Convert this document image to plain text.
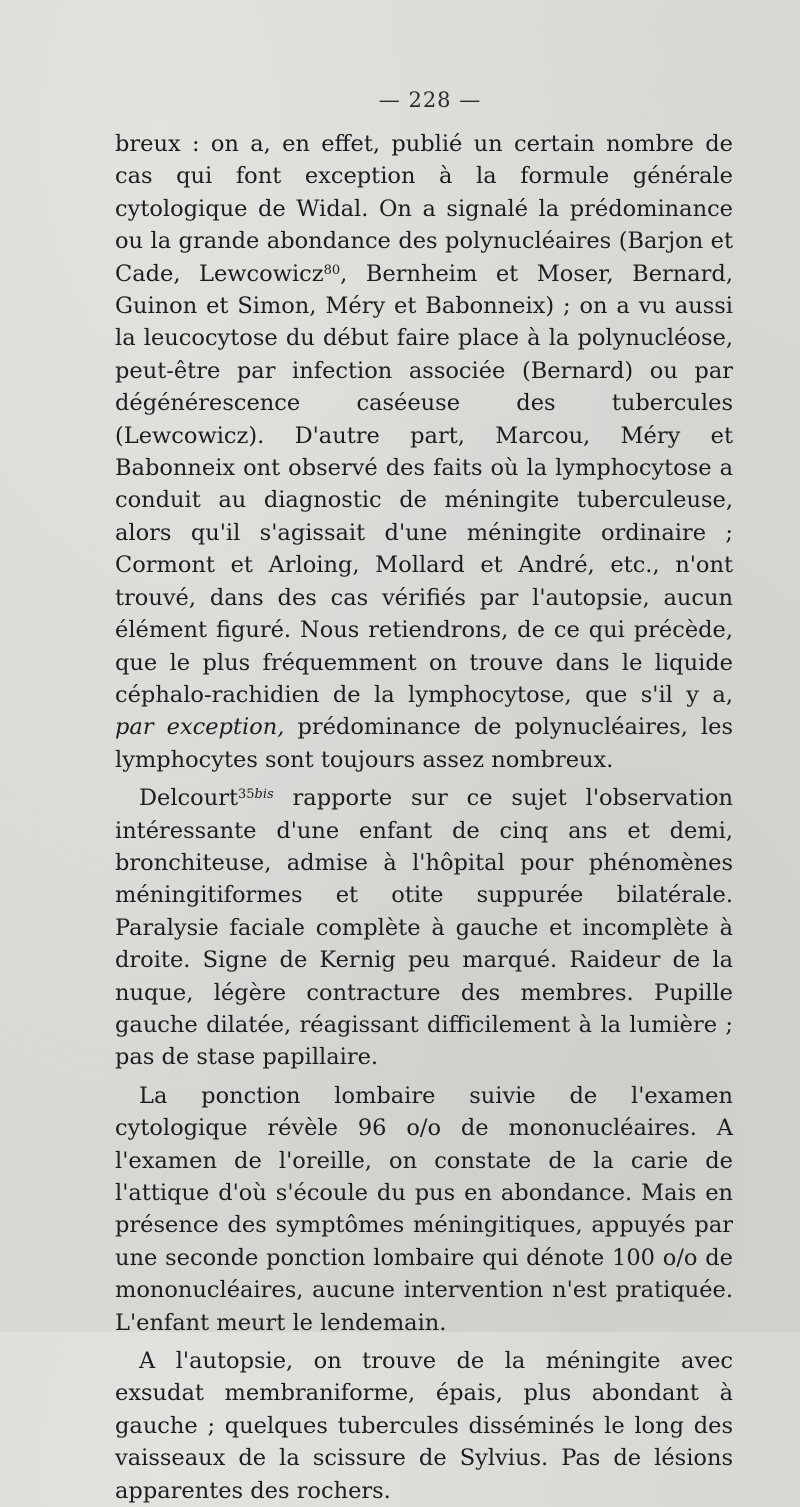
— 228 —

breux : on a, en effet, publié un certain nombre de cas qui font exception à la formule générale cytologique de Widal. On a signalé la prédominance ou la grande abondance des polynucléaires (Barjon et Cade, Lewcowicz$^{80}$, Bernheim et Moser, Bernard, Guinon et Simon, Méry et Babonneix) ; on a vu aussi la leucocytose du début faire place à la polynucléose, peut-être par infection associée (Bernard) ou par dégénérescence caséeuse des tubercules (Lewcowicz). D'autre part, Marcou, Méry et Babonneix ont observé des faits où la lymphocytose a conduit au diagnostic de méningite tuberculeuse, alors qu'il s'agissait d'une méningite ordinaire ; Cormont et Arloing, Mollard et André, etc., n'ont trouvé, dans des cas vérifiés par l'autopsie, aucun élément figuré. Nous retiendrons, de ce qui précède, que le plus fréquemment on trouve dans le liquide céphalo-rachidien de la lymphocytose, que s'il y a, par exception, prédominance de polynucléaires, les lymphocytes sont toujours assez nombreux.

Delcourt$^{35bis}$ rapporte sur ce sujet l'observation intéressante d'une enfant de cinq ans et demi, bronchiteuse, admise à l'hôpital pour phénomènes méningitiformes et otite suppurée bilatérale. Paralysie faciale complète à gauche et incomplète à droite. Signe de Kernig peu marqué. Raideur de la nuque, légère contracture des membres. Pupille gauche dilatée, réagissant difficilement à la lumière ; pas de stase papillaire.

La ponction lombaire suivie de l'examen cytologique révèle 96 o/o de mononucléaires. A l'examen de l'oreille, on constate de la carie de l'attique d'où s'écoule du pus en abondance. Mais en présence des symptômes méningitiques, appuyés par une seconde ponction lombaire qui dénote 100 o/o de mononucléaires, aucune intervention n'est pratiquée. L'enfant meurt le lendemain.

A l'autopsie, on trouve de la méningite avec exsudat membraniforme, épais, plus abondant à gauche ; quelques tubercules disséminés le long des vaisseaux de la scissure de Sylvius. Pas de lésions apparentes des rochers.
